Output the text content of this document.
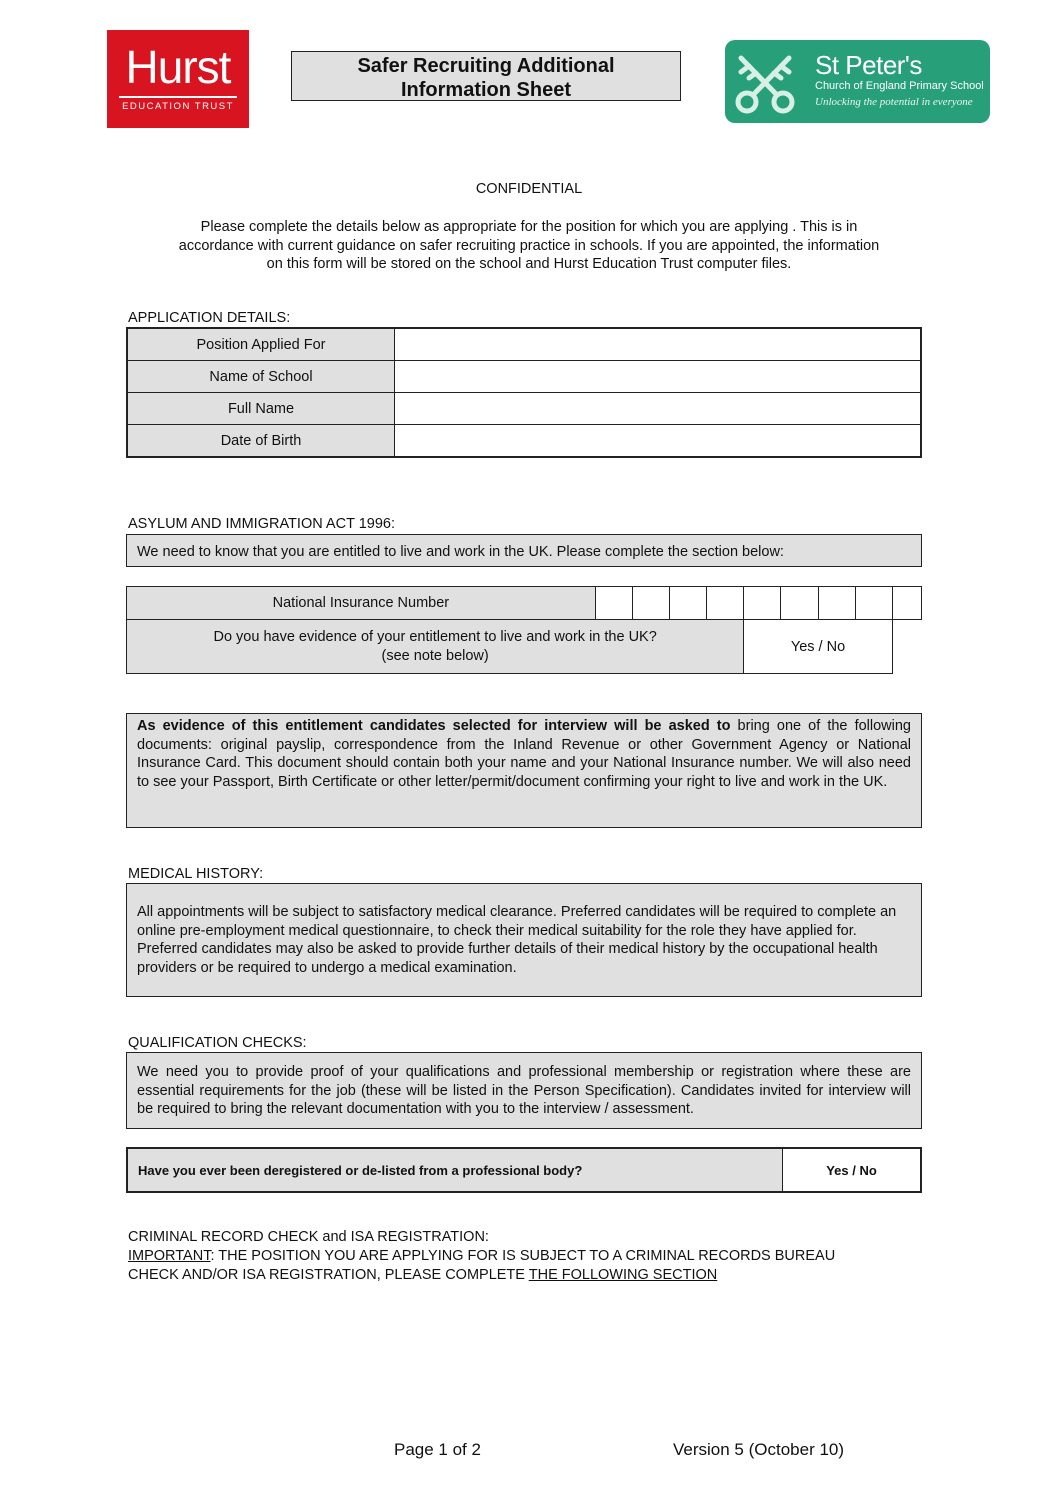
Hurst
EDUCATION TRUST
Safer Recruiting Additional
Information Sheet
St Peter's
Church of England Primary School
Unlocking the potential in everyone
CONFIDENTIAL
Please complete the details below as appropriate for the position for which you are applying . This is in
accordance with current guidance on safer recruiting practice in schools. If you are appointed, the information
on this form will be stored on the school and Hurst Education Trust computer files.
APPLICATION DETAILS:
Position Applied For	
Name of School	
Full Name	
Date of Birth	
ASYLUM AND IMMIGRATION ACT 1996:
We need to know that you are entitled to live and work in the UK. Please complete the section below:
National Insurance Number									

Do you have evidence of your entitlement to live and work in the UK?
(see note below)					Yes / No				
As evidence of this entitlement candidates selected for interview will be asked to bring one of the following documents: original payslip, correspondence from the Inland Revenue or other Government Agency or National Insurance Card. This document should contain both your name and your National Insurance number. We will also need to see your Passport, Birth Certificate or other letter/permit/document confirming your right to live and work in the UK.
MEDICAL HISTORY:
All appointments will be subject to satisfactory medical clearance. Preferred candidates will be required to complete an online pre-employment medical questionnaire, to check their medical suitability for the role they have applied for. Preferred candidates may also be asked to provide further details of their medical history by the occupational health providers or be required to undergo a medical examination.
QUALIFICATION CHECKS:
We need you to provide proof of your qualifications and professional membership or registration where these are essential requirements for the job (these will be listed in the Person Specification). Candidates invited for interview will be required to bring the relevant documentation with you to the interview / assessment.
Have you ever been deregistered or de-listed from a professional body?	Yes / No
CRIMINAL RECORD CHECK and ISA REGISTRATION:
IMPORTANT: THE POSITION YOU ARE APPLYING FOR IS SUBJECT TO A CRIMINAL RECORDS BUREAU
CHECK AND/OR ISA REGISTRATION, PLEASE COMPLETE THE FOLLOWING SECTION
Page 1 of 2	Version 5 (October 10)
